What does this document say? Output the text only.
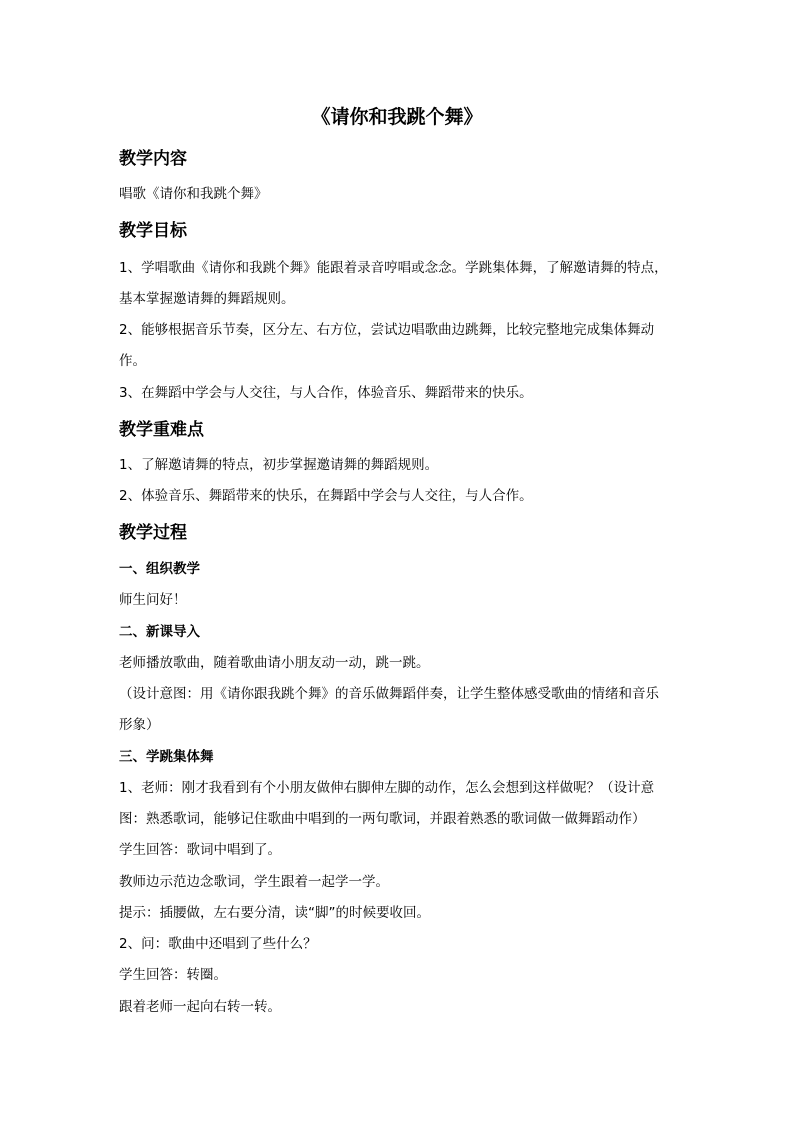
《请你和我跳个舞》
教学内容
唱歌《请你和我跳个舞》
教学目标
1、学唱歌曲《请你和我跳个舞》能跟着录音哼唱或念念。学跳集体舞，了解邀请舞的特点，
基本掌握邀请舞的舞蹈规则。
2、能够根据音乐节奏，区分左、右方位，尝试边唱歌曲边跳舞，比较完整地完成集体舞动
作。
3、在舞蹈中学会与人交往，与人合作，体验音乐、舞蹈带来的快乐。
教学重难点
1、了解邀请舞的特点，初步掌握邀请舞的舞蹈规则。
2、体验音乐、舞蹈带来的快乐，在舞蹈中学会与人交往，与人合作。
教学过程
一、组织教学
师生问好！
二、新课导入
老师播放歌曲，随着歌曲请小朋友动一动，跳一跳。
（设计意图：用《请你跟我跳个舞》的音乐做舞蹈伴奏，让学生整体感受歌曲的情绪和音乐
形象）
三、学跳集体舞
1、老师：刚才我看到有个小朋友做伸右脚伸左脚的动作，怎么会想到这样做呢？（设计意
图：熟悉歌词，能够记住歌曲中唱到的一两句歌词，并跟着熟悉的歌词做一做舞蹈动作）
学生回答：歌词中唱到了。
教师边示范边念歌词，学生跟着一起学一学。
提示：插腰做，左右要分清，读“脚”的时候要收回。
2、问：歌曲中还唱到了些什么？
学生回答：转圈。
跟着老师一起向右转一转。
